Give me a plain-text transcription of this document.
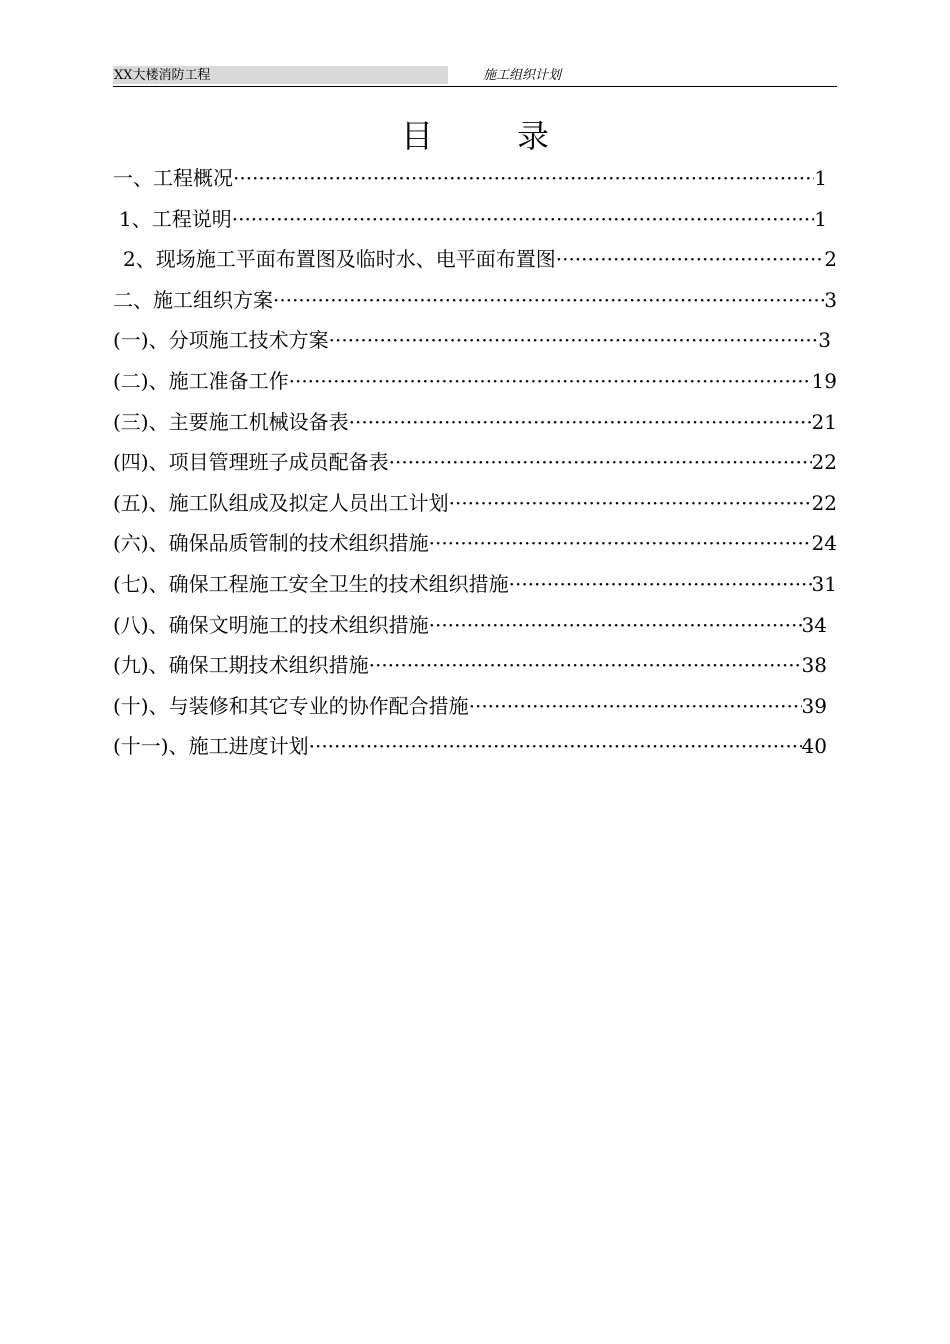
XX大楼消防工程	施工组织计划
目	录
一、工程概况 ·····	1
1、工程说明 ·····	1
2、现场施工平面布置图及临时水、电平面布置图 ·····	2
二、施工组织方案 ·····	3
(一)、分项施工技术方案 ·····	3
(二)、施工准备工作 ·····	19
(三)、主要施工机械设备表 ·····	21
(四)、项目管理班子成员配备表 ·····	22
(五)、施工队组成及拟定人员出工计划 ·····	22
(六)、确保品质管制的技术组织措施 ·····	24
(七)、确保工程施工安全卫生的技术组织措施 ·····	31
(八)、确保文明施工的技术组织措施 ·····	34
(九)、确保工期技术组织措施 ·····	38
(十)、与装修和其它专业的协作配合措施 ·····	39
(十一)、施工进度计划 ·····	40
